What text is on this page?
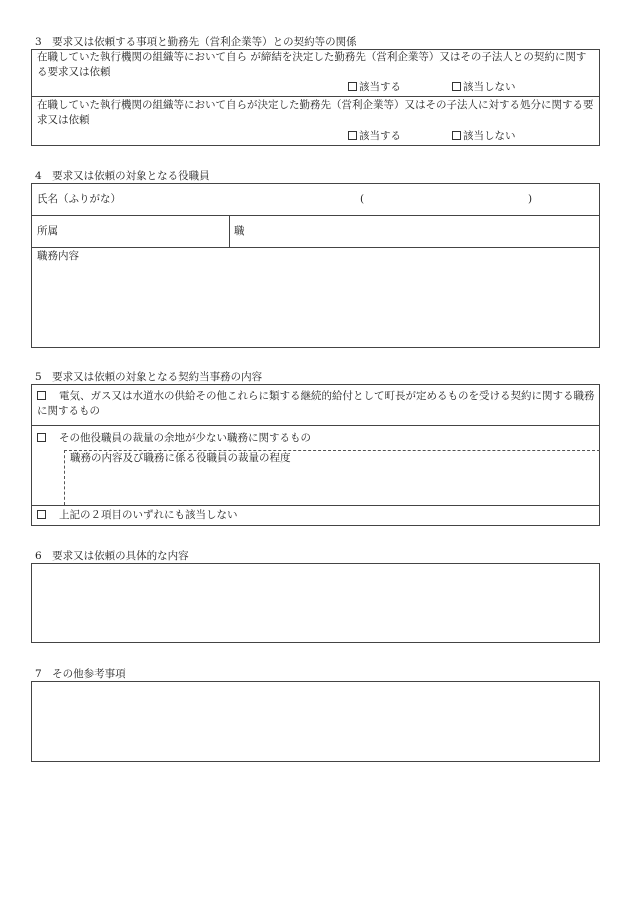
3　要求又は依頼する事項と勤務先（営利企業等）との契約等の関係
在職していた執行機関の組織等において自ら が締結を決定した勤務先（営利企業等）又はその子法人との契約に関する要求又は依頼
該当する	該当しない
在職していた執行機関の組織等において自らが決定した勤務先（営利企業等）又はその子法人に対する処分に関する要求又は依頼
該当する	該当しない
4　要求又は依頼の対象となる役職員
氏名（ふりがな）	(	)
所属	職
職務内容
5　要求又は依頼の対象となる契約当事務の内容
電気、ガス又は水道水の供給その他これらに類する継続的給付として町長が定めるものを受ける契約に関する職務に関するもの
その他役職員の裁量の余地が少ない職務に関するもの
職務の内容及び職務に係る役職員の裁量の程度
上記の２項目のいずれにも該当しない
6　要求又は依頼の具体的な内容
7　その他参考事項
